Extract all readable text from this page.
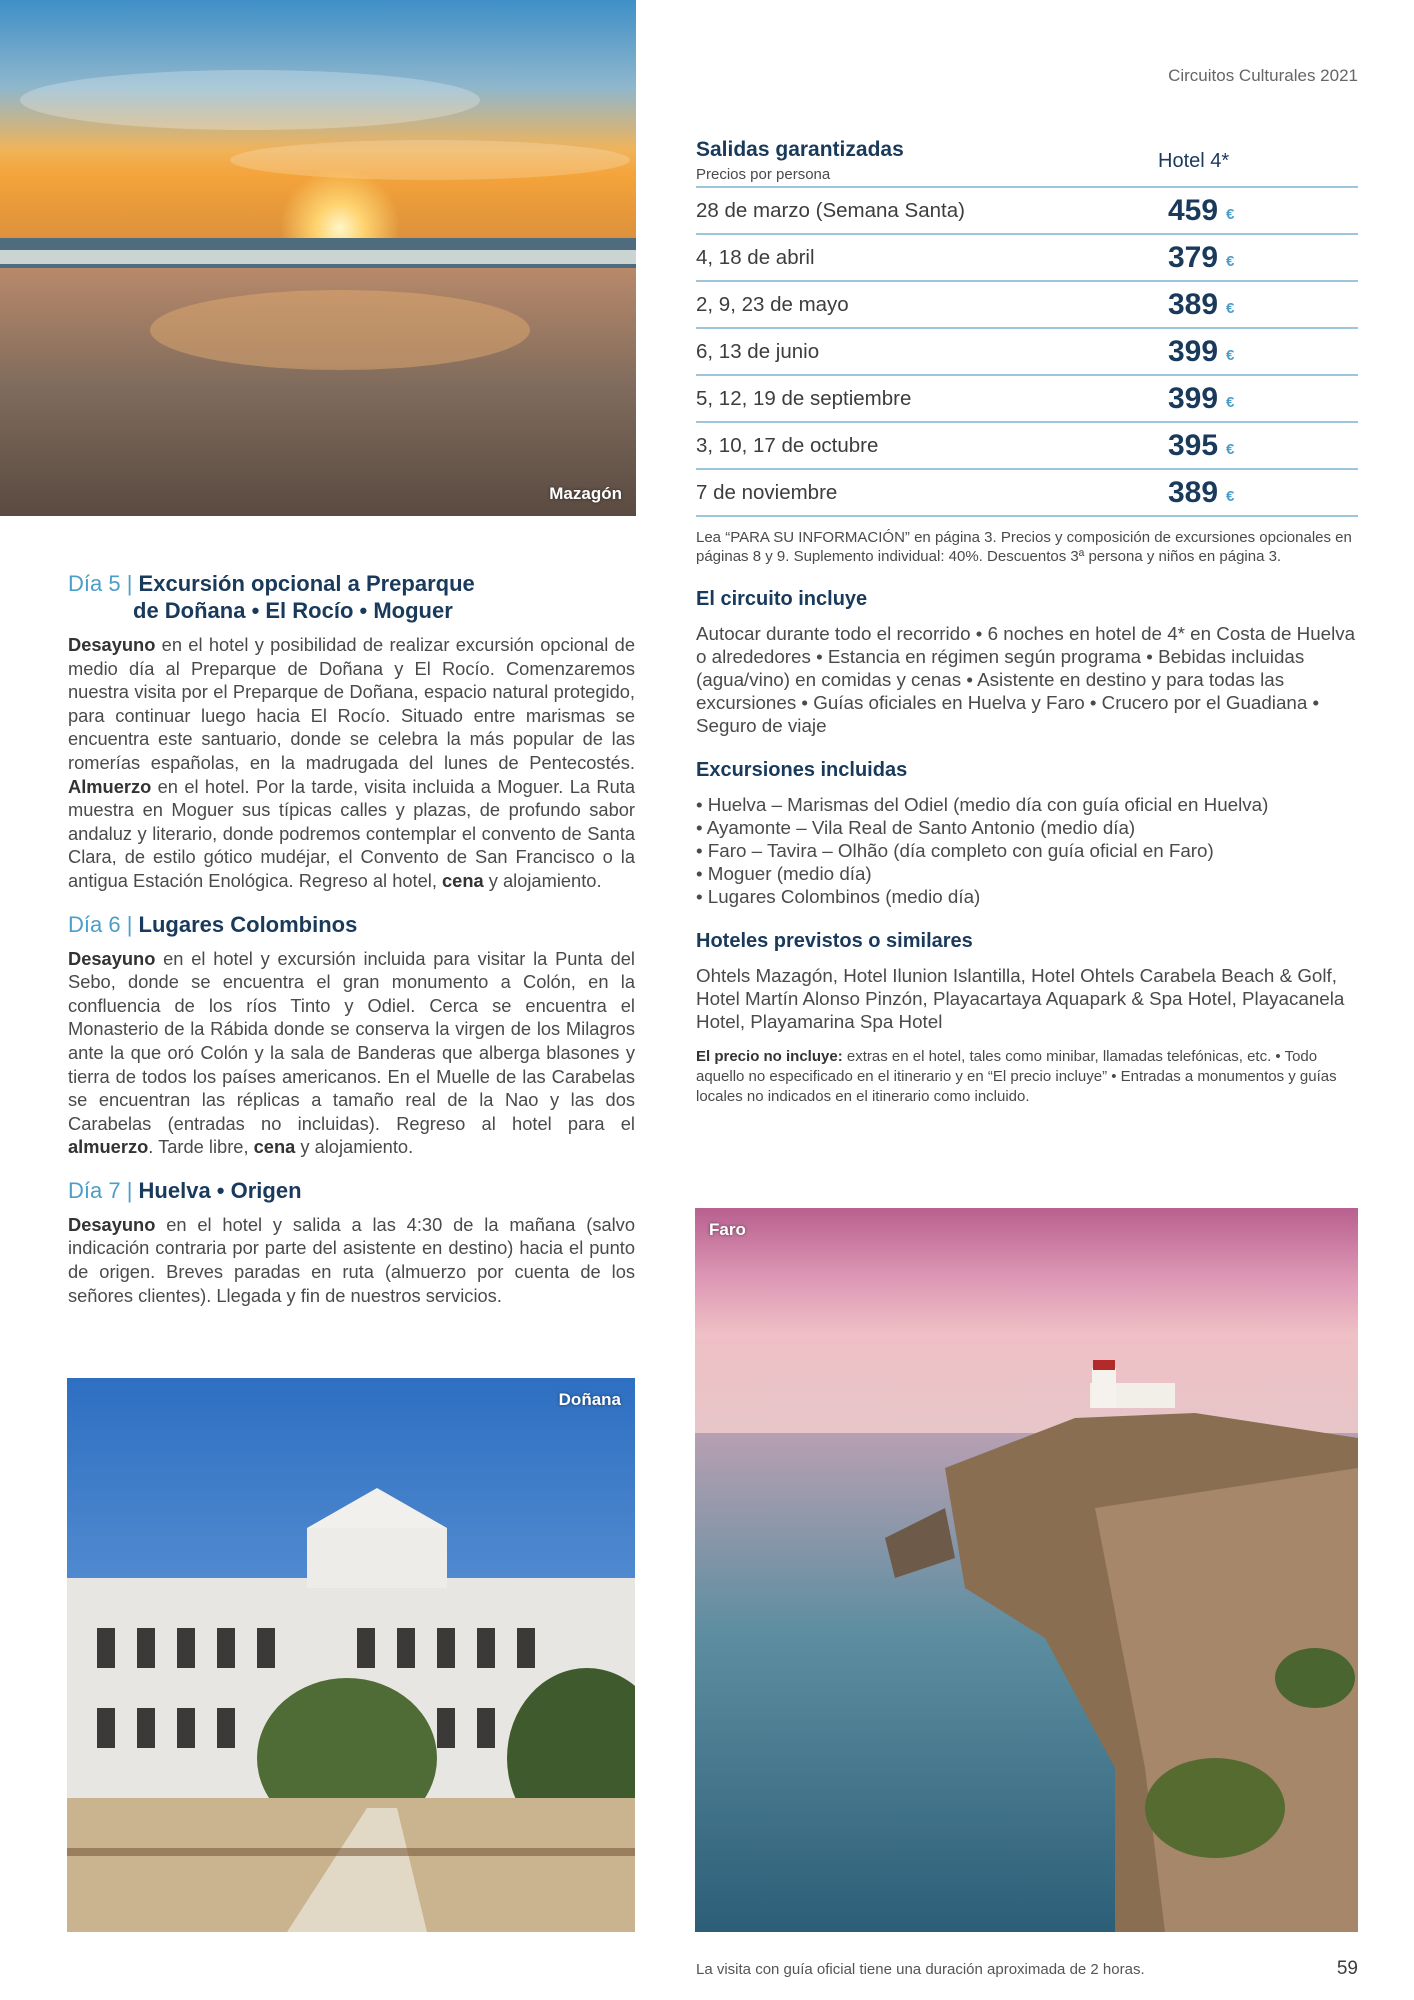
Mazagón
Doñana
Faro
Circuitos Culturales 2021
Día 5 | Excursión opcional a Preparque
de Doñana • El Rocío • Moguer

Desayuno en el hotel y posibilidad de realizar excursión opcional de medio día al Preparque de Doñana y El Rocío. Comenzaremos nuestra visita por el Preparque de Doñana, espacio natural protegido, para continuar luego hacia El Rocío. Situado entre marismas se encuentra este santuario, donde se celebra la más popular de las romerías españolas, en la madrugada del lunes de Pentecostés. Almuerzo en el hotel. Por la tarde, visita incluida a Moguer. La Ruta muestra en Moguer sus típicas calles y plazas, de profundo sabor andaluz y literario, donde podremos contemplar el convento de Santa Clara, de estilo gótico mudéjar, el Convento de San Francisco o la antigua Estación Enológica. Regreso al hotel, cena y alojamiento.

Día 6 | Lugares Colombinos

Desayuno en el hotel y excursión incluida para visitar la Punta del Sebo, donde se encuentra el gran monumento a Colón, en la confluencia de los ríos Tinto y Odiel. Cerca se encuentra el Monasterio de la Rábida donde se conserva la virgen de los Milagros ante la que oró Colón y la sala de Banderas que alberga blasones y tierra de todos los países americanos. En el Muelle de las Carabelas se encuentran las réplicas a tamaño real de la Nao y las dos Carabelas (entradas no incluidas). Regreso al hotel para el almuerzo. Tarde libre, cena y alojamiento.

Día 7 | Huelva • Origen

Desayuno en el hotel y salida a las 4:30 de la mañana (salvo indicación contraria por parte del asistente en destino) hacia el punto de origen. Breves paradas en ruta (almuerzo por cuenta de los señores clientes). Llegada y fin de nuestros servicios.

Salidas garantizadas
Precios por persona
Hotel 4*
28 de marzo (Semana Santa)	459 €
4, 18 de abril	379 €
2, 9, 23 de mayo	389 €
6, 13 de junio	399 €
5, 12, 19 de septiembre	399 €
3, 10, 17 de octubre	395 €
7 de noviembre	389 €

Lea “PARA SU INFORMACIÓN” en página 3. Precios y composición de excursiones opcionales en páginas 8 y 9. Suplemento individual: 40%. Descuentos 3ª persona y niños en página 3.

El circuito incluye

Autocar durante todo el recorrido • 6 noches en hotel de 4* en Costa de Huelva o alrededores • Estancia en régimen según programa • Bebidas incluidas (agua/vino) en comidas y cenas • Asistente en destino y para todas las excursiones • Guías oficiales en Huelva y Faro • Crucero por el Guadiana • Seguro de viaje

Excursiones incluidas
• Huelva – Marismas del Odiel (medio día con guía oficial en Huelva)
• Ayamonte – Vila Real de Santo Antonio (medio día)
• Faro – Tavira – Olhão (día completo con guía oficial en Faro)
• Moguer (medio día)
• Lugares Colombinos (medio día)
Hoteles previstos o similares

Ohtels Mazagón, Hotel Ilunion Islantilla, Hotel Ohtels Carabela Beach & Golf, Hotel Martín Alonso Pinzón, Playacartaya Aquapark & Spa Hotel, Playacanela Hotel, Playamarina Spa Hotel

El precio no incluye: extras en el hotel, tales como minibar, llamadas telefónicas, etc. • Todo aquello no especificado en el itinerario y en “El precio incluye” • Entradas a monumentos y guías locales no indicados en el itinerario como incluido.

La visita con guía oficial tiene una duración aproximada de 2 horas.	59
